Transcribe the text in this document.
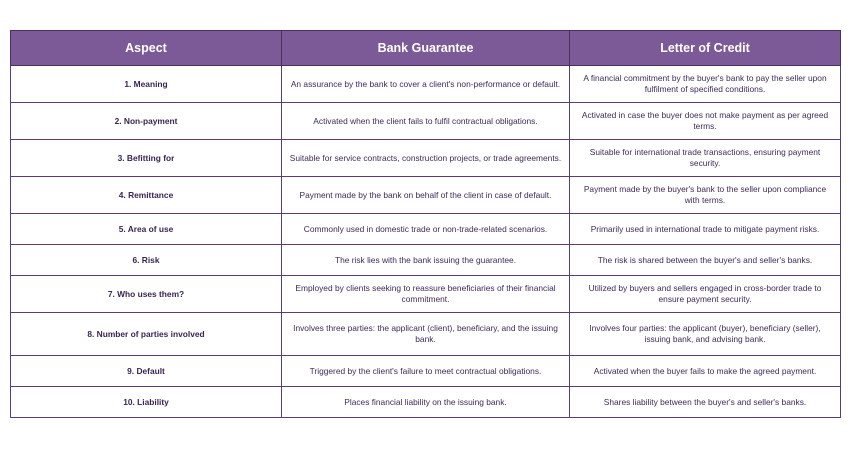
Aspect	Bank Guarantee	Letter of Credit
1. Meaning	An assurance by the bank to cover a client's non-performance or default.	A financial commitment by the buyer's bank to pay the seller upon fulfilment of specified conditions.
2. Non-payment	Activated when the client fails to fulfil contractual obligations.	Activated in case the buyer does not make payment as per agreed terms.
3. Befitting for	Suitable for service contracts, construction projects, or trade agreements.	Suitable for international trade transactions, ensuring payment security.
4. Remittance	Payment made by the bank on behalf of the client in case of default.	Payment made by the buyer's bank to the seller upon compliance with terms.
5. Area of use	Commonly used in domestic trade or non-trade-related scenarios.	Primarily used in international trade to mitigate payment risks.
6. Risk	The risk lies with the bank issuing the guarantee.	The risk is shared between the buyer's and seller's banks.
7. Who uses them?	Employed by clients seeking to reassure beneficiaries of their financial commitment.	Utilized by buyers and sellers engaged in cross-border trade to ensure payment security.
8. Number of parties involved	Involves three parties: the applicant (client), beneficiary, and the issuing bank.	Involves four parties: the applicant (buyer), beneficiary (seller), issuing bank, and advising bank.
9. Default	Triggered by the client's failure to meet contractual obligations.	Activated when the buyer fails to make the agreed payment.
10. Liability	Places financial liability on the issuing bank.	Shares liability between the buyer's and seller's banks.
